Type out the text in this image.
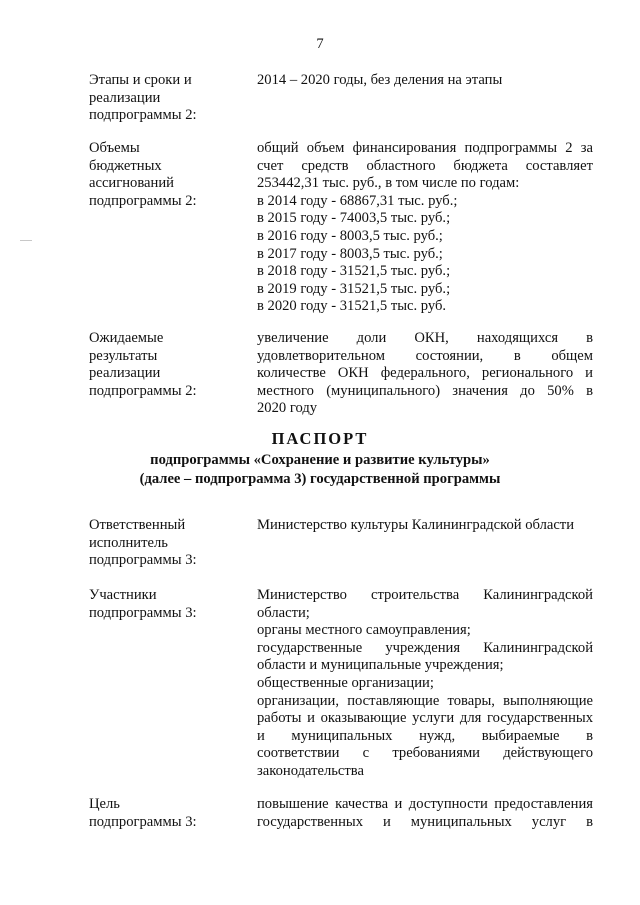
7
Этапы и сроки и
реализации
подпрограммы 2:
2014 – 2020 годы, без деления на этапы
Объемы
бюджетных
ассигнований
подпрограммы 2:
общий объем финансирования подпрограммы 2 за
счет средств областного бюджета составляет
253442,31 тыс. руб., в том числе по годам:
в 2014 году - 68867,31 тыс. руб.;
в 2015 году - 74003,5 тыс. руб.;
в 2016 году - 8003,5 тыс. руб.;
в 2017 году - 8003,5 тыс. руб.;
в 2018 году - 31521,5 тыс. руб.;
в 2019 году - 31521,5 тыс. руб.;
в 2020 году - 31521,5 тыс. руб.
Ожидаемые
результаты
реализации
подпрограммы 2:
увеличение доли ОКН, находящихся в
удовлетворительном состоянии, в общем
количестве ОКН федерального, регионального и
местного (муниципального) значения до 50% в
2020 году
ПАСПОРТ
подпрограммы «Сохранение и развитие культуры»
(далее – подпрограмма 3) государственной программы
Ответственный
исполнитель
подпрограммы 3:
Министерство культуры Калининградской области
Участники
подпрограммы 3:
Министерство строительства Калининградской
области;
органы местного самоуправления;
государственные учреждения Калининградской
области и муниципальные учреждения;
общественные организации;
организации, поставляющие товары, выполняющие
работы и оказывающие услуги для государственных
и муниципальных нужд, выбираемые в
соответствии с требованиями действующего
законодательства
Цель
подпрограммы 3:
повышение качества и доступности предоставления
государственных и муниципальных услуг в
